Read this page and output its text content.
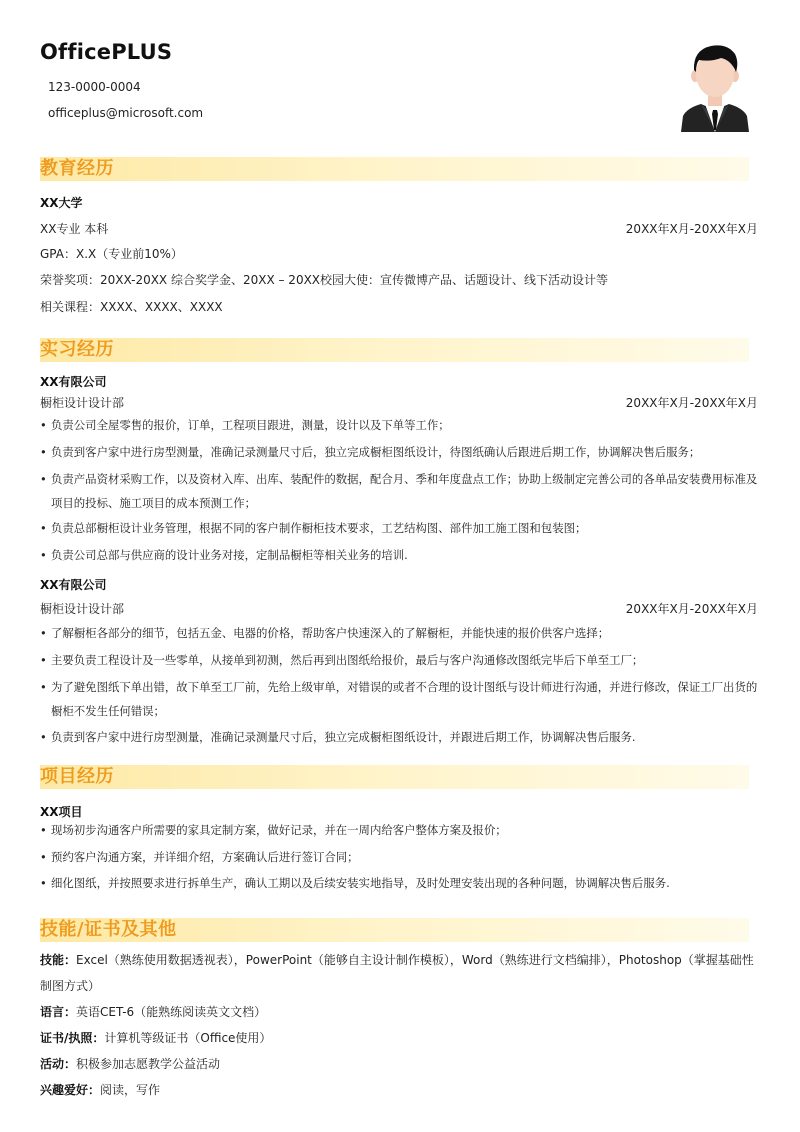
OfficePLUS
123-0000-0004
officeplus@microsoft.com
教育经历
XX大学
XX专业 本科	20XX年X月-20XX年X月
GPA：X.X（专业前10%）
荣誉奖项：20XX-20XX 综合奖学金、20XX – 20XX校园大使：宣传微博产品、话题设计、线下活动设计等
相关课程：XXXX、XXXX、XXXX
实习经历
XX有限公司
橱柜设计设计部	20XX年X月-20XX年X月
• 负责公司全屋零售的报价，订单，工程项目跟进，测量，设计以及下单等工作；
• 负责到客户家中进行房型测量，准确记录测量尺寸后，独立完成橱柜图纸设计，待图纸确认后跟进后期工作，协调解决售后服务；
• 负责产品资材采购工作，以及资材入库、出库、装配件的数据，配合月、季和年度盘点工作；协助上级制定完善公司的各单品安装费用标准及项目的投标、施工项目的成本预测工作；
• 负责总部橱柜设计业务管理，根据不同的客户制作橱柜技术要求，工艺结构图、部件加工施工图和包装图；
• 负责公司总部与供应商的设计业务对接，定制品橱柜等相关业务的培训.
XX有限公司
橱柜设计设计部	20XX年X月-20XX年X月
• 了解橱柜各部分的细节，包括五金、电器的价格，帮助客户快速深入的了解橱柜，并能快速的报价供客户选择；
• 主要负责工程设计及一些零单，从接单到初测，然后再到出图纸给报价，最后与客户沟通修改图纸完毕后下单至工厂；
• 为了避免图纸下单出错，故下单至工厂前，先给上级审单，对错误的或者不合理的设计图纸与设计师进行沟通，并进行修改，保证工厂出货的橱柜不发生任何错误；
• 负责到客户家中进行房型测量，准确记录测量尺寸后，独立完成橱柜图纸设计，并跟进后期工作，协调解决售后服务.
项目经历
XX项目
• 现场初步沟通客户所需要的家具定制方案，做好记录，并在一周内给客户整体方案及报价；
• 预约客户沟通方案，并详细介绍，方案确认后进行签订合同；
• 细化图纸，并按照要求进行拆单生产，确认工期以及后续安装实地指导，及时处理安装出现的各种问题，协调解决售后服务.
技能/证书及其他
技能：Excel（熟练使用数据透视表），PowerPoint（能够自主设计制作模板），Word（熟练进行文档编排），Photoshop（掌握基础性制图方式）
语言：英语CET-6（能熟练阅读英文文档）
证书/执照：计算机等级证书（Office使用）
活动：积极参加志愿教学公益活动
兴趣爱好：阅读，写作
